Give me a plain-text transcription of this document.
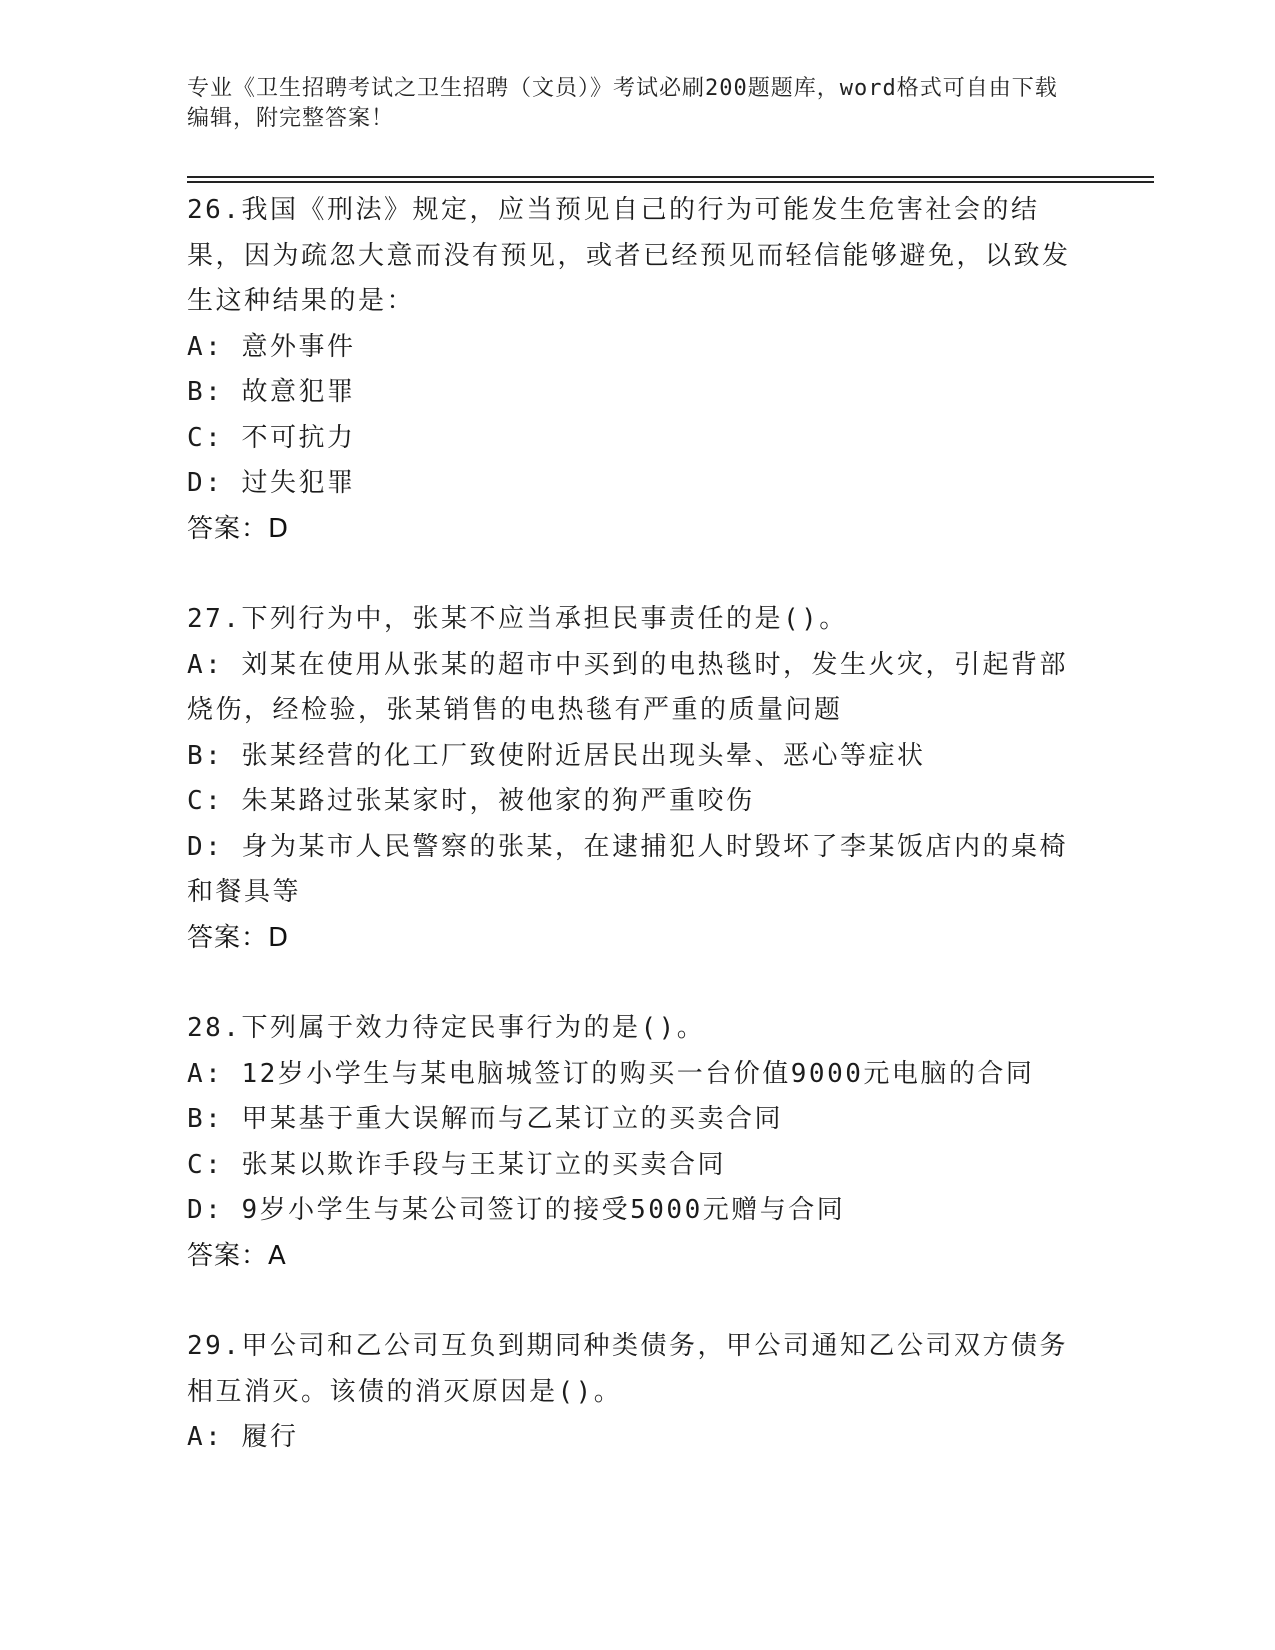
专业《卫生招聘考试之卫生招聘（文员）》考试必刷200题题库，word格式可自由下载编辑，附完整答案！
26.我国《刑法》规定，应当预见自己的行为可能发生危害社会的结果，因为疏忽大意而没有预见，或者已经预见而轻信能够避免，以致发生这种结果的是：
A: 意外事件
B: 故意犯罪
C: 不可抗力
D: 过失犯罪
答案：D
27.下列行为中，张某不应当承担民事责任的是()。
A: 刘某在使用从张某的超市中买到的电热毯时，发生火灾，引起背部烧伤，经检验，张某销售的电热毯有严重的质量问题
B: 张某经营的化工厂致使附近居民出现头晕、恶心等症状
C: 朱某路过张某家时，被他家的狗严重咬伤
D: 身为某市人民警察的张某，在逮捕犯人时毁坏了李某饭店内的桌椅和餐具等
答案：D
28.下列属于效力待定民事行为的是()。
A: 12岁小学生与某电脑城签订的购买一台价值9000元电脑的合同
B: 甲某基于重大误解而与乙某订立的买卖合同
C: 张某以欺诈手段与王某订立的买卖合同
D: 9岁小学生与某公司签订的接受5000元赠与合同
答案：A
29.甲公司和乙公司互负到期同种类债务，甲公司通知乙公司双方债务相互消灭。该债的消灭原因是()。
A: 履行
